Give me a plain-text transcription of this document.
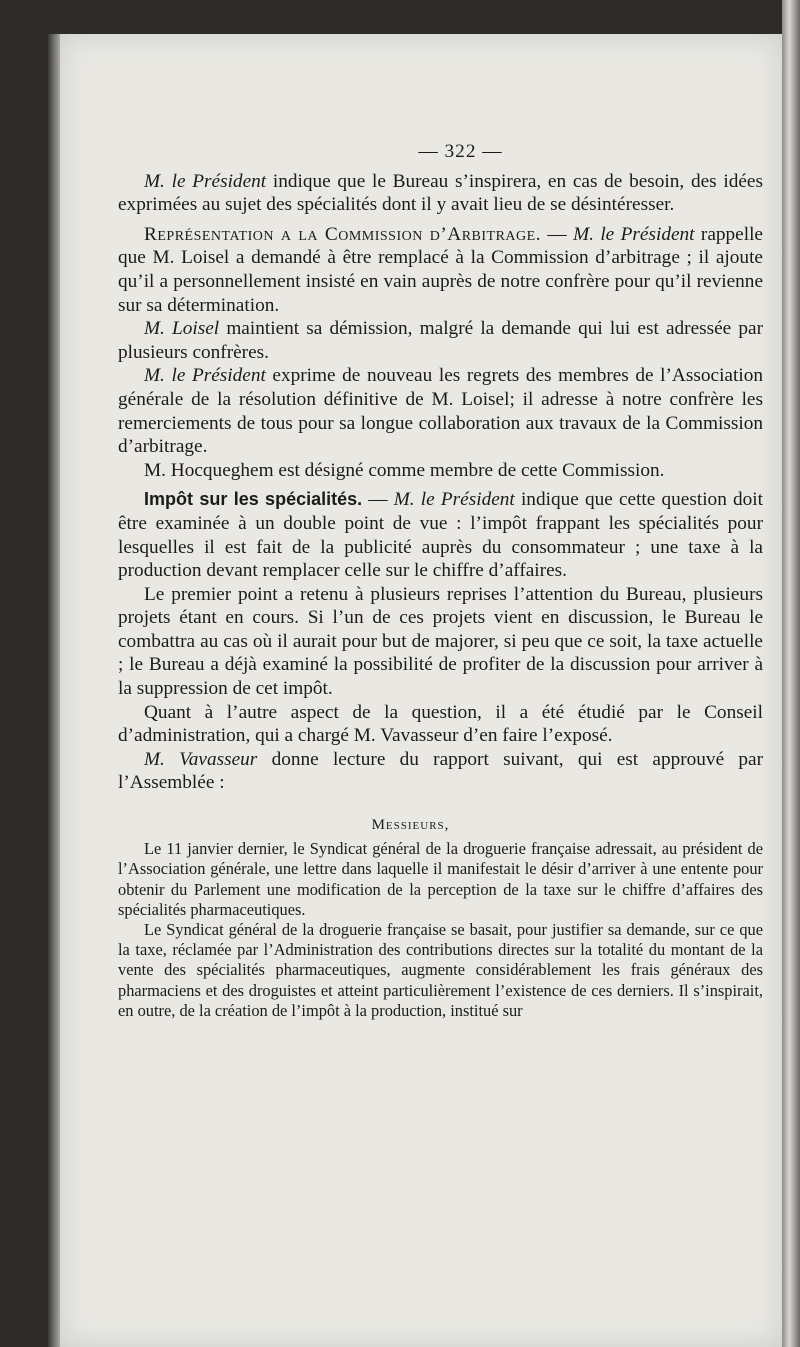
— 322 —

M. le Président indique que le Bureau s’inspirera, en cas de besoin, des idées exprimées au sujet des spécialités dont il y avait lieu de se désintéresser.

Représentation a la Commission d’Arbitrage. — M. le Président rappelle que M. Loisel a demandé à être remplacé à la Commission d’arbitrage ; il ajoute qu’il a personnellement insisté en vain auprès de notre confrère pour qu’il revienne sur sa détermination.

M. Loisel maintient sa démission, malgré la demande qui lui est adressée par plusieurs confrères.

M. le Président exprime de nouveau les regrets des membres de l’Association générale de la résolution définitive de M. Loisel; il adresse à notre confrère les remerciements de tous pour sa longue collaboration aux travaux de la Commission d’arbitrage.

M. Hocqueghem est désigné comme membre de cette Commission.

Impôt sur les spécialités. — M. le Président indique que cette question doit être examinée à un double point de vue : l’impôt frappant les spécialités pour lesquelles il est fait de la publicité auprès du consommateur ; une taxe à la production devant remplacer celle sur le chiffre d’affaires.

Le premier point a retenu à plusieurs reprises l’attention du Bureau, plusieurs projets étant en cours. Si l’un de ces projets vient en discussion, le Bureau le combattra au cas où il aurait pour but de majorer, si peu que ce soit, la taxe actuelle ; le Bureau a déjà examiné la possibilité de profiter de la discussion pour arriver à la suppression de cet impôt.

Quant à l’autre aspect de la question, il a été étudié par le Conseil d’administration, qui a chargé M. Vavasseur d’en faire l’exposé.

M. Vavasseur donne lecture du rapport suivant, qui est approuvé par l’Assemblée :

Messieurs,

Le 11 janvier dernier, le Syndicat général de la droguerie française adressait, au président de l’Association générale, une lettre dans laquelle il manifestait le désir d’arriver à une entente pour obtenir du Parlement une modification de la perception de la taxe sur le chiffre d’affaires des spécialités pharmaceutiques.

Le Syndicat général de la droguerie française se basait, pour justifier sa demande, sur ce que la taxe, réclamée par l’Administration des contributions directes sur la totalité du montant de la vente des spécialités pharmaceutiques, augmente considérablement les frais généraux des pharmaciens et des droguistes et atteint particulièrement l’existence de ces derniers. Il s’inspirait, en outre, de la création de l’impôt à la production, institué sur
